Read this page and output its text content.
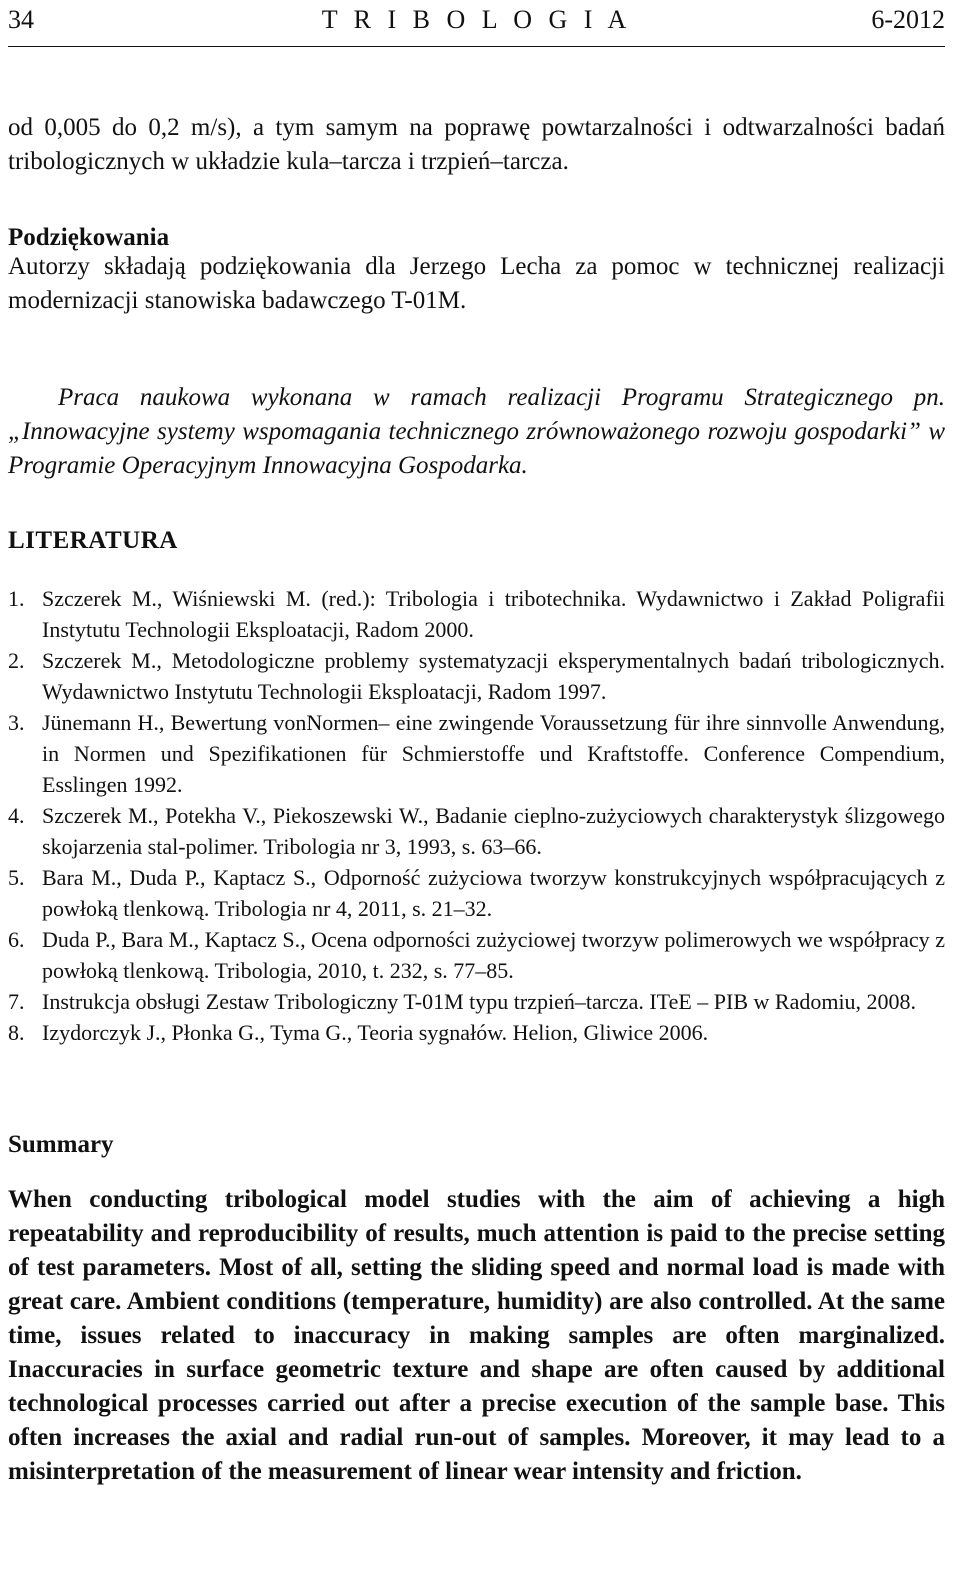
34	T R I B O L O G I A	6-2012

od 0,005 do 0,2 m/s), a tym samym na poprawę powtarzalności i odtwarzalności badań tribologicznych w układzie kula–tarcza i trzpień–tarcza.

Podziękowania

Autorzy składają podziękowania dla Jerzego Lecha za pomoc w technicznej realizacji modernizacji stanowiska badawczego T-01M.

Praca naukowa wykonana w ramach realizacji Programu Strategicznego pn. „Innowacyjne systemy wspomagania technicznego zrównoważonego rozwoju gospodarki” w Programie Operacyjnym Innowacyjna Gospodarka.

LITERATURA
1. Szczerek M., Wiśniewski M. (red.): Tribologia i tribotechnika. Wydawnictwo i Zakład Poligrafii Instytutu Technologii Eksploatacji, Radom 2000.
2. Szczerek M., Metodologiczne problemy systematyzacji eksperymentalnych badań tribologicznych. Wydawnictwo Instytutu Technologii Eksploatacji, Radom 1997.
3. Jünemann H., Bewertung vonNormen– eine zwingende Voraussetzung für ihre sinnvolle Anwendung, in Normen und Spezifikationen für Schmierstoffe und Kraftstoffe. Conference Compendium, Esslingen 1992.
4. Szczerek M., Potekha V., Piekoszewski W., Badanie cieplno-zużyciowych charakterystyk ślizgowego skojarzenia stal-polimer. Tribologia nr 3, 1993, s. 63–66.
5. Bara M., Duda P., Kaptacz S., Odporność zużyciowa tworzyw konstrukcyjnych współpracujących z powłoką tlenkową. Tribologia nr 4, 2011, s. 21–32.
6. Duda P., Bara M., Kaptacz S., Ocena odporności zużyciowej tworzyw polimerowych we współpracy z powłoką tlenkową. Tribologia, 2010, t. 232, s. 77–85.
7. Instrukcja obsługi Zestaw Tribologiczny T-01M typu trzpień–tarcza. ITeE – PIB w Radomiu, 2008.
8. Izydorczyk J., Płonka G., Tyma G., Teoria sygnałów. Helion, Gliwice 2006.
Summary

When conducting tribological model studies with the aim of achieving a high repeatability and reproducibility of results, much attention is paid to the precise setting of test parameters. Most of all, setting the sliding speed and normal load is made with great care. Ambient conditions (temperature, humidity) are also controlled. At the same time, issues related to inaccuracy in making samples are often marginalized. Inaccuracies in surface geometric texture and shape are often caused by additional technological processes carried out after a precise execution of the sample base. This often increases the axial and radial run-out of samples. Moreover, it may lead to a misinterpretation of the measurement of linear wear intensity and friction.
